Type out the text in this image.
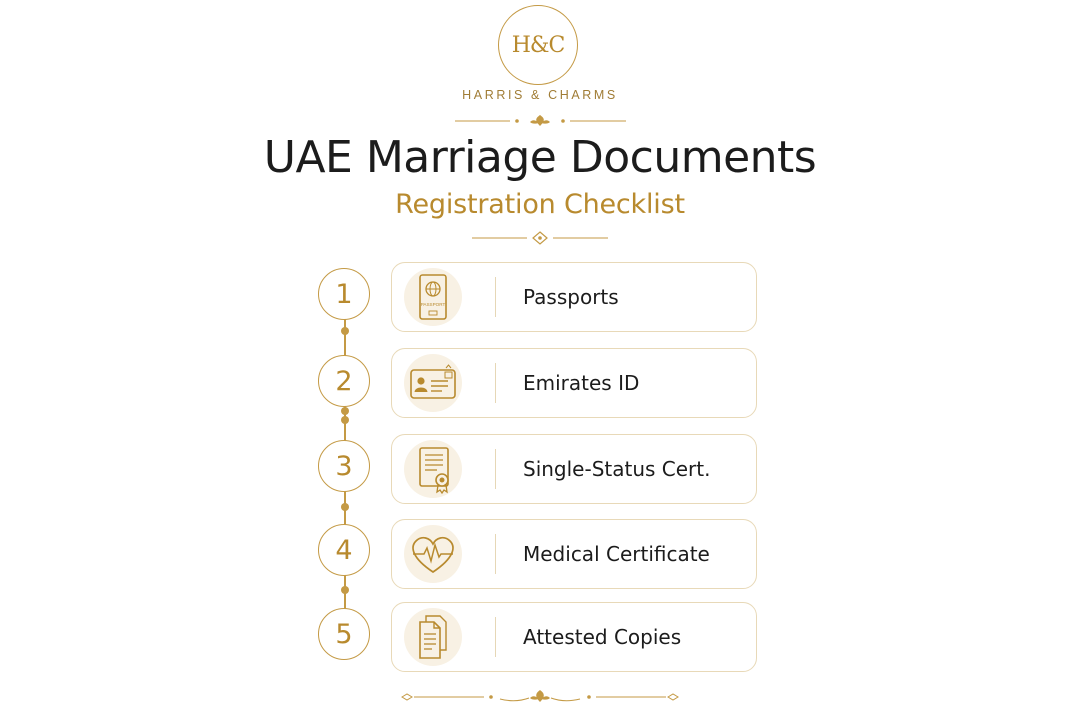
H&C
HARRIS & CHARMS
UAE Marriage Documents
Registration Checklist
1	PASSPORT	Passports
2	Emirates ID
3	Single-Status Cert.
4	Medical Certificate
5	Attested Copies
